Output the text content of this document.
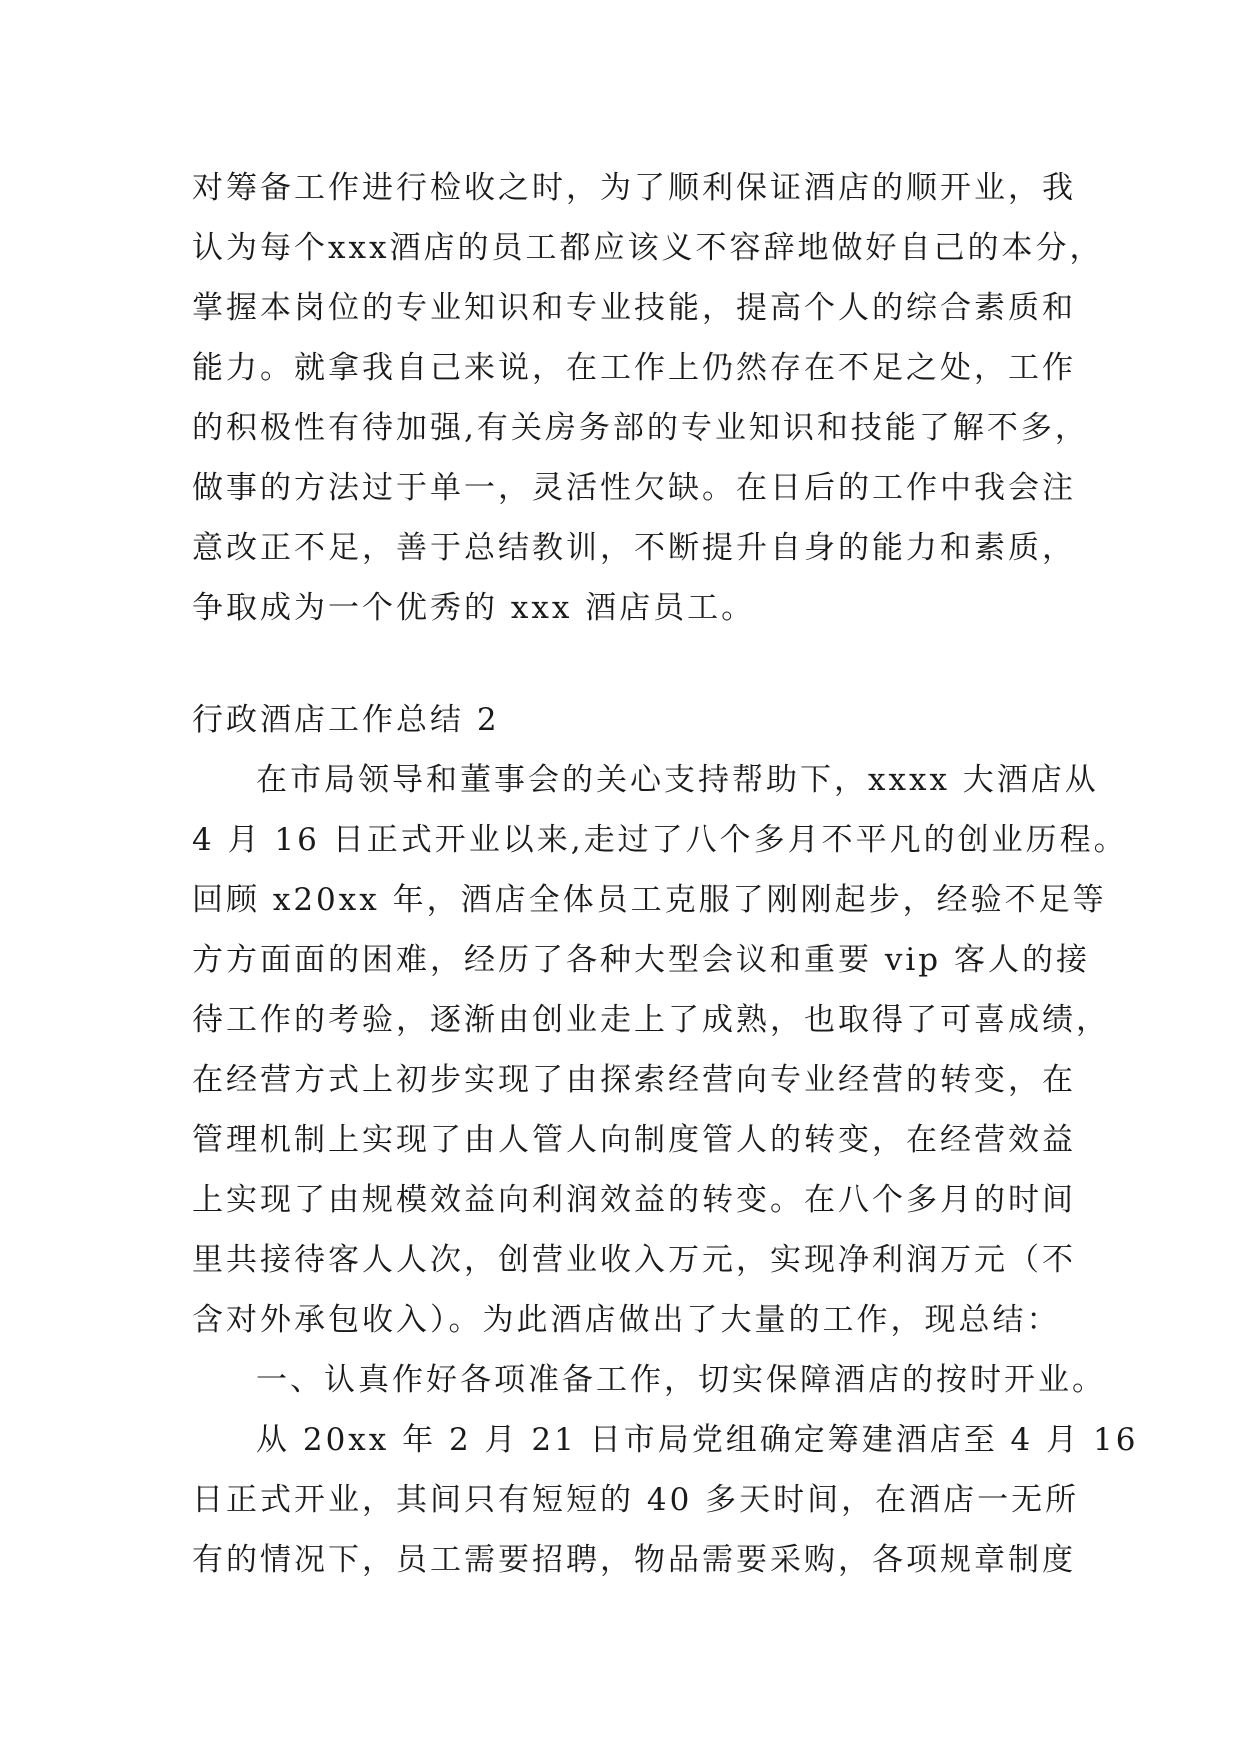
对筹备工作进行检收之时，为了顺利保证酒店的顺开业，我
认为每个xxx酒店的员工都应该义不容辞地做好自己的本分，
掌握本岗位的专业知识和专业技能，提高个人的综合素质和
能力。就拿我自己来说，在工作上仍然存在不足之处，工作
的积极性有待加强,有关房务部的专业知识和技能了解不多，
做事的方法过于单一，灵活性欠缺。在日后的工作中我会注
意改正不足，善于总结教训，不断提升自身的能力和素质，
争取成为一个优秀的 xxx 酒店员工。
行政酒店工作总结 2
在市局领导和董事会的关心支持帮助下，xxxx 大酒店从
4 月 16 日正式开业以来,走过了八个多月不平凡的创业历程。
回顾 x20xx 年，酒店全体员工克服了刚刚起步，经验不足等
方方面面的困难，经历了各种大型会议和重要 vip 客人的接
待工作的考验，逐渐由创业走上了成熟，也取得了可喜成绩，
在经营方式上初步实现了由探索经营向专业经营的转变，在
管理机制上实现了由人管人向制度管人的转变，在经营效益
上实现了由规模效益向利润效益的转变。在八个多月的时间
里共接待客人人次，创营业收入万元，实现净利润万元（不
含对外承包收入）。为此酒店做出了大量的工作，现总结：
一、认真作好各项准备工作，切实保障酒店的按时开业。
从 20xx 年 2 月 21 日市局党组确定筹建酒店至 4 月 16
日正式开业，其间只有短短的 40 多天时间，在酒店一无所
有的情况下，员工需要招聘，物品需要采购，各项规章制度
